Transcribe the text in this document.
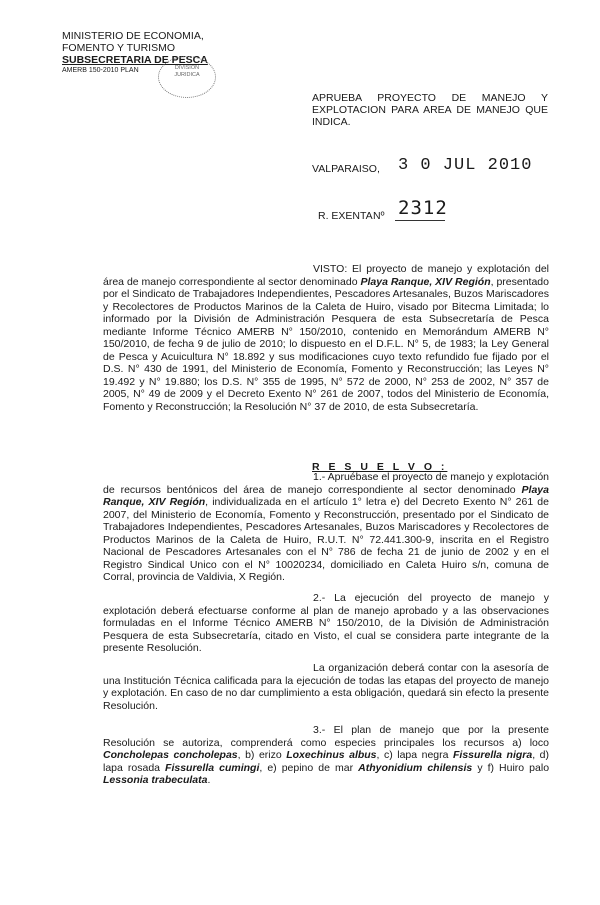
MINISTERIO DE ECONOMIA,
FOMENTO Y TURISMO
SUBSECRETARIA DE PESCA
AMERB 150-2010 PLAN	DIVISION
JURIDICA
APRUEBA PROYECTO DE MANEJO Y EXPLOTACION PARA AREA DE MANEJO QUE INDICA.
VALPARAISO, 3 0 JUL 2010
R. EXENTA Nº 2312
VISTO: El proyecto de manejo y explotación del área de manejo correspondiente al sector denominado Playa Ranque, XIV Región, presentado por el Sindicato de Trabajadores Independientes, Pescadores Artesanales, Buzos Mariscadores y Recolectores de Productos Marinos de la Caleta de Huiro, visado por Bitecma Limitada; lo informado por la División de Administración Pesquera de esta Subsecretaría de Pesca mediante Informe Técnico AMERB N° 150/2010, contenido en Memorándum AMERB N° 150/2010, de fecha 9 de julio de 2010; lo dispuesto en el D.F.L. N° 5, de 1983; la Ley General de Pesca y Acuicultura N° 18.892 y sus modificaciones cuyo texto refundido fue fijado por el D.S. N° 430 de 1991, del Ministerio de Economía, Fomento y Reconstrucción; las Leyes N° 19.492 y N° 19.880; los D.S. N° 355 de 1995, N° 572 de 2000, N° 253 de 2002, N° 357 de 2005, N° 49 de 2009 y el Decreto Exento N° 261 de 2007, todos del Ministerio de Economía, Fomento y Reconstrucción; la Resolución N° 37 de 2010, de esta Subsecretaría.
R E S U E L V O :
1.- Apruébase el proyecto de manejo y explotación de recursos bentónicos del área de manejo correspondiente al sector denominado Playa Ranque, XIV Región, individualizada en el artículo 1° letra e) del Decreto Exento N° 261 de 2007, del Ministerio de Economía, Fomento y Reconstrucción, presentado por el Sindicato de Trabajadores Independientes, Pescadores Artesanales, Buzos Mariscadores y Recolectores de Productos Marinos de la Caleta de Huiro, R.U.T. N° 72.441.300-9, inscrita en el Registro Nacional de Pescadores Artesanales con el N° 786 de fecha 21 de junio de 2002 y en el Registro Sindical Unico con el N° 10020234, domiciliado en Caleta Huiro s/n, comuna de Corral, provincia de Valdivia, X Región.
2.- La ejecución del proyecto de manejo y explotación deberá efectuarse conforme al plan de manejo aprobado y a las observaciones formuladas en el Informe Técnico AMERB N° 150/2010, de la División de Administración Pesquera de esta Subsecretaría, citado en Visto, el cual se considera parte integrante de la presente Resolución.
La organización deberá contar con la asesoría de una Institución Técnica calificada para la ejecución de todas las etapas del proyecto de manejo y explotación. En caso de no dar cumplimiento a esta obligación, quedará sin efecto la presente Resolución.
3.- El plan de manejo que por la presente Resolución se autoriza, comprenderá como especies principales los recursos a) loco Concholepas concholepas, b) erizo Loxechinus albus, c) lapa negra Fissurella nigra, d) lapa rosada Fissurella cumingi, e) pepino de mar Athyonidium chilensis y f) Huiro palo Lessonia trabeculata.
